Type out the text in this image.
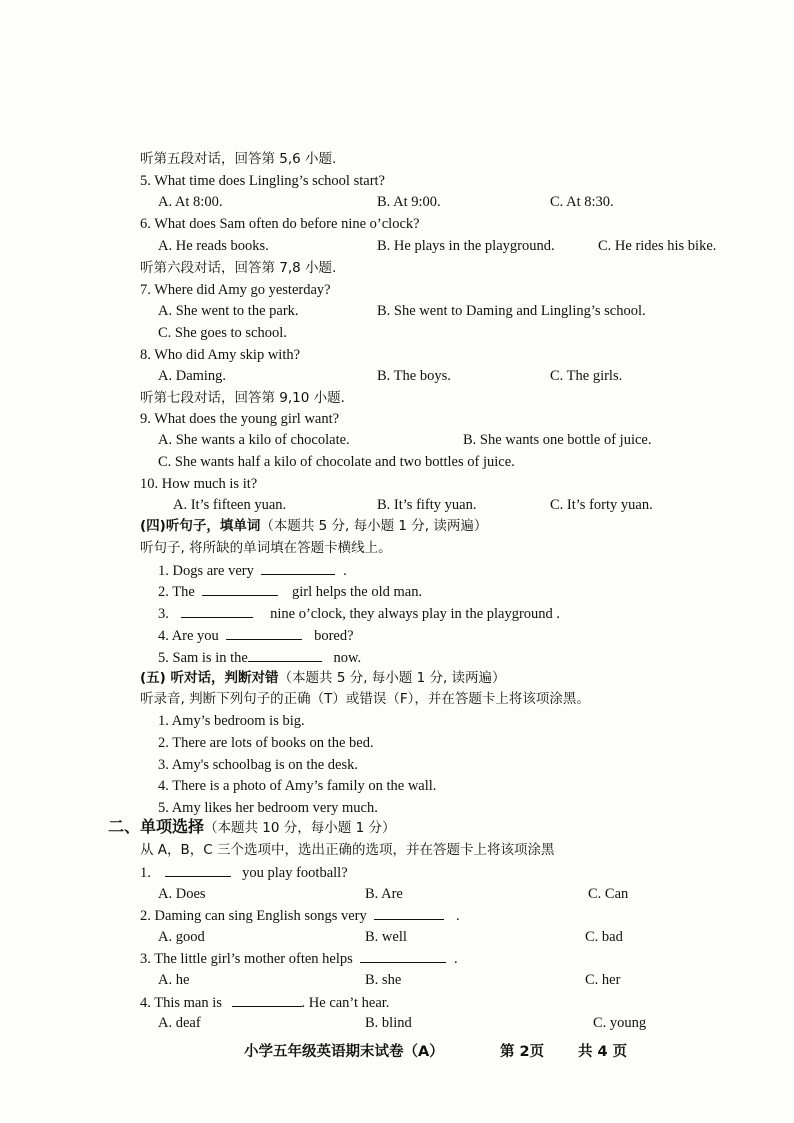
听第五段对话，回答第 5,6 小题.
5. What time does Lingling’s school start?
A. At 8:00.	B. At 9:00.	C. At 8:30.
6. What does Sam often do before nine o’clock?
A. He reads books.	B. He plays in the playground.	C. He rides his bike.
听第六段对话，回答第 7,8 小题.
7. Where did Amy go yesterday?
A. She went to the park.	B. She went to Daming and Lingling’s school.
C. She goes to school.
8. Who did Amy skip with?
A. Daming.	B. The boys.	C. The girls.
听第七段对话，回答第 9,10 小题.
9. What does the young girl want?
A. She wants a kilo of chocolate.	B. She wants one bottle of juice.
C. She wants half a kilo of chocolate and two bottles of juice.
10. How much is it?
A. It’s fifteen yuan.	B. It’s fifty yuan.	C. It’s forty yuan.
(四)听句子，填单词（本题共 5 分, 每小题 1 分, 读两遍）
听句子, 将所缺的单词填在答题卡横线上。
1. Dogs are very	.
2. The	girl helps the old man.
3.	nine o’clock, they always play in the playground .
4. Are you	bored?
5. Sam is in the	now.
(五) 听对话，判断对错（本题共 5 分, 每小题 1 分, 读两遍）
听录音, 判断下列句子的正确（T）或错误（F），并在答题卡上将该项涂黑。
1. Amy’s bedroom is big.
2. There are lots of books on the bed.
3. Amy's schoolbag is on the desk.
4. There is a photo of Amy’s family on the wall.
5. Amy likes her bedroom very much.
二、单项选择（本题共 10 分，每小题 1 分）
从 A，B，C 三个选项中，选出正确的选项，并在答题卡上将该项涂黑
1.	you play football?
A. Does	B. Are	C. Can
2. Daming can sing English songs very	.
A. good	B. well	C. bad
3. The little girl’s mother often helps	.
A. he	B. she	C. her
4. This man is	. He can’t hear.
A. deaf	B. blind	C. young
小学五年级英语期末试卷（A）	第 2页 共 4 页
